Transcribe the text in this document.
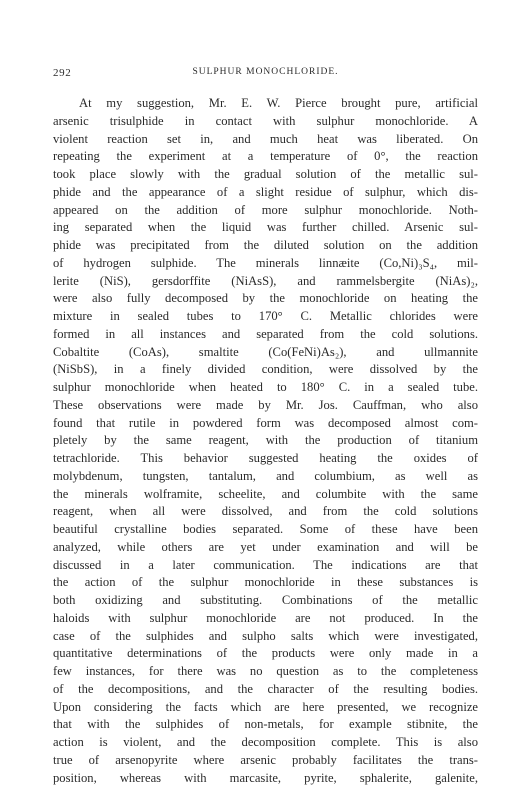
292	SULPHUR MONOCHLORIDE.
At my suggestion, Mr. E. W. Pierce brought pure, artificial
arsenic trisulphide in contact with sulphur monochloride. A
violent reaction set in, and much heat was liberated. On
repeating the experiment at a temperature of 0°, the reaction
took place slowly with the gradual solution of the metallic sul-
phide and the appearance of a slight residue of sulphur, which dis-
appeared on the addition of more sulphur monochloride. Noth-
ing separated when the liquid was further chilled. Arsenic sul-
phide was precipitated from the diluted solution on the addition
of hydrogen sulphide. The minerals linnæite (Co,Ni)₃S₄, mil-
lerite (NiS), gersdorffite (NiAsS), and rammelsbergite (NiAs)₂,
were also fully decomposed by the monochloride on heating the
mixture in sealed tubes to 170° C. Metallic chlorides were
formed in all instances and separated from the cold solutions.
Cobaltite (CoAs), smaltite (Co(FeNi)As₂), and ullmannite
(NiSbS), in a finely divided condition, were dissolved by the
sulphur monochloride when heated to 180° C. in a sealed tube.
These observations were made by Mr. Jos. Cauffman, who also
found that rutile in powdered form was decomposed almost com-
pletely by the same reagent, with the production of titanium
tetrachloride. This behavior suggested heating the oxides of
molybdenum, tungsten, tantalum, and columbium, as well as
the minerals wolframite, scheelite, and columbite with the same
reagent, when all were dissolved, and from the cold solutions
beautiful crystalline bodies separated. Some of these have been
analyzed, while others are yet under examination and will be
discussed in a later communication. The indications are that
the action of the sulphur monochloride in these substances is
both oxidizing and substituting. Combinations of the metallic
haloids with sulphur monochloride are not produced. In the
case of the sulphides and sulpho salts which were investigated,
quantitative determinations of the products were only made in a
few instances, for there was no question as to the completeness
of the decompositions, and the character of the resulting bodies.
Upon considering the facts which are here presented, we recognize
that with the sulphides of non-metals, for example stibnite, the
action is violent, and the decomposition complete. This is also
true of arsenopyrite where arsenic probably facilitates the trans-
position, whereas with marcasite, pyrite, sphalerite, galenite,
